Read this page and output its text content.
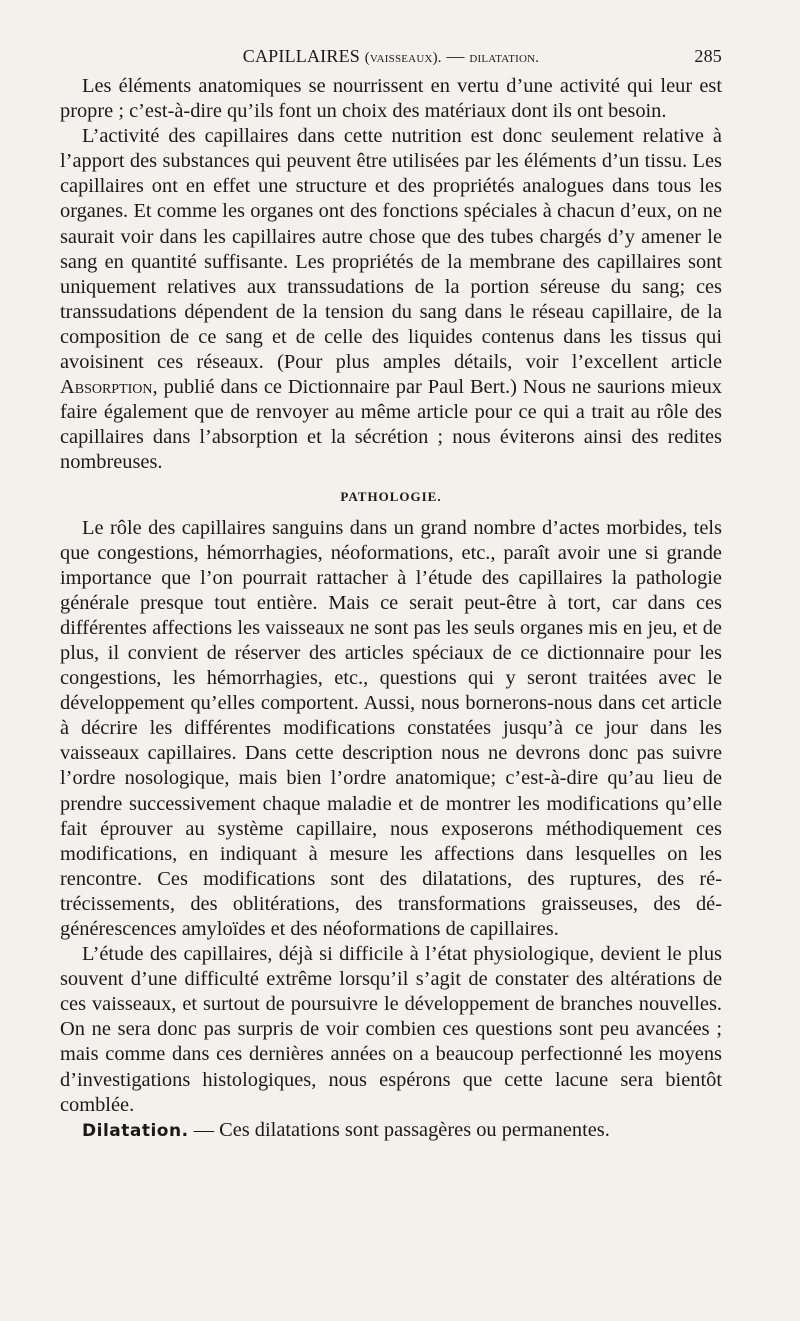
CAPILLAIRES (vaisseaux). — dilatation.	285

Les éléments anatomiques se nourrissent en vertu d’une activité qui leur est propre ; c’est-à-dire qu’ils font un choix des matériaux dont ils ont besoin.

L’activité des capillaires dans cette nutrition est donc seulement relative à l’apport des substances qui peuvent être utilisées par les éléments d’un tissu. Les capillaires ont en effet une structure et des propriétés analogues dans tous les organes. Et comme les organes ont des fonctions spéciales à chacun d’eux, on ne saurait voir dans les capillaires autre chose que des tubes chargés d’y amener le sang en quantité suffisante. Les propriétés de la membrane des capillaires sont uniquement relatives aux transsudations de la portion séreuse du sang; ces transsudations dépendent de la tension du sang dans le réseau capillaire, de la composition de ce sang et de celle des liquides contenus dans les tissus qui avoisinent ces réseaux. (Pour plus amples détails, voir l’excellent article Absorption, publié dans ce Dictionnaire par Paul Bert.) Nous ne saurions mieux faire également que de renvoyer au même article pour ce qui a trait au rôle des capillaires dans l’absorption et la sécrétion ; nous éviterons ainsi des redites nombreuses.

PATHOLOGIE.

Le rôle des capillaires sanguins dans un grand nombre d’actes morbides, tels que congestions, hémorrhagies, néoformations, etc., paraît avoir une si grande importance que l’on pourrait rattacher à l’étude des capillaires la pathologie générale presque tout entière. Mais ce serait peut-être à tort, car dans ces différentes affections les vaisseaux ne sont pas les seuls organes mis en jeu, et de plus, il convient de réserver des articles spéciaux de ce dictionnaire pour les congestions, les hémorrhagies, etc., questions qui y seront traitées avec le développement qu’elles comportent. Aussi, nous bornerons-nous dans cet article à décrire les différentes modifications constatées jusqu’à ce jour dans les vaisseaux capillaires. Dans cette description nous ne devrons donc pas suivre l’ordre nosologique, mais bien l’ordre anatomique; c’est-à-dire qu’au lieu de prendre successivement chaque maladie et de montrer les modifications qu’elle fait éprouver au système capillaire, nous exposerons méthodiquement ces modifications, en indiquant à mesure les affections dans lesquelles on les rencontre. Ces modifications sont des dilatations, des ruptures, des rétrécissements, des oblitérations, des transformations graisseuses, des dégénérescences amyloïdes et des néoformations de capillaires.

L’étude des capillaires, déjà si difficile à l’état physiologique, devient le plus souvent d’une difficulté extrême lorsqu’il s’agit de constater des altérations de ces vaisseaux, et surtout de poursuivre le développement de branches nouvelles. On ne sera donc pas surpris de voir combien ces questions sont peu avancées ; mais comme dans ces dernières années on a beaucoup perfectionné les moyens d’investigations histologiques, nous espérons que cette lacune sera bientôt comblée.

Dilatation. — Ces dilatations sont passagères ou permanentes.
